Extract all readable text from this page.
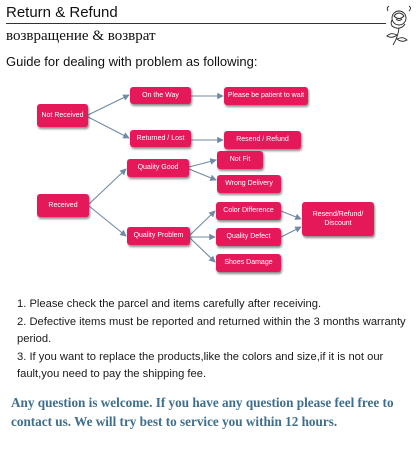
Return & Refund
возвращение & возврат
Guide for dealing with problem as following:
Not Received
On the Way	Please be patient to wait
Returned / Lost	Resend / Refund
Received
Quality Good
Not Fit
Wrong Delivery
Quality Problem
Color Difference
Quality Defect
Shoes Damage
Resend/Refund/ Discount

1. Please check the parcel and items carefully after receiving.

2. Defective items must be reported and returned within the 3 months warranty period.

3. If you want to replace the products,like the colors and size,if it is not our fault,you need to pay the shipping fee.

Any question is welcome. If you have any question please feel free to contact us. We will try best to service you within 12 hours.
